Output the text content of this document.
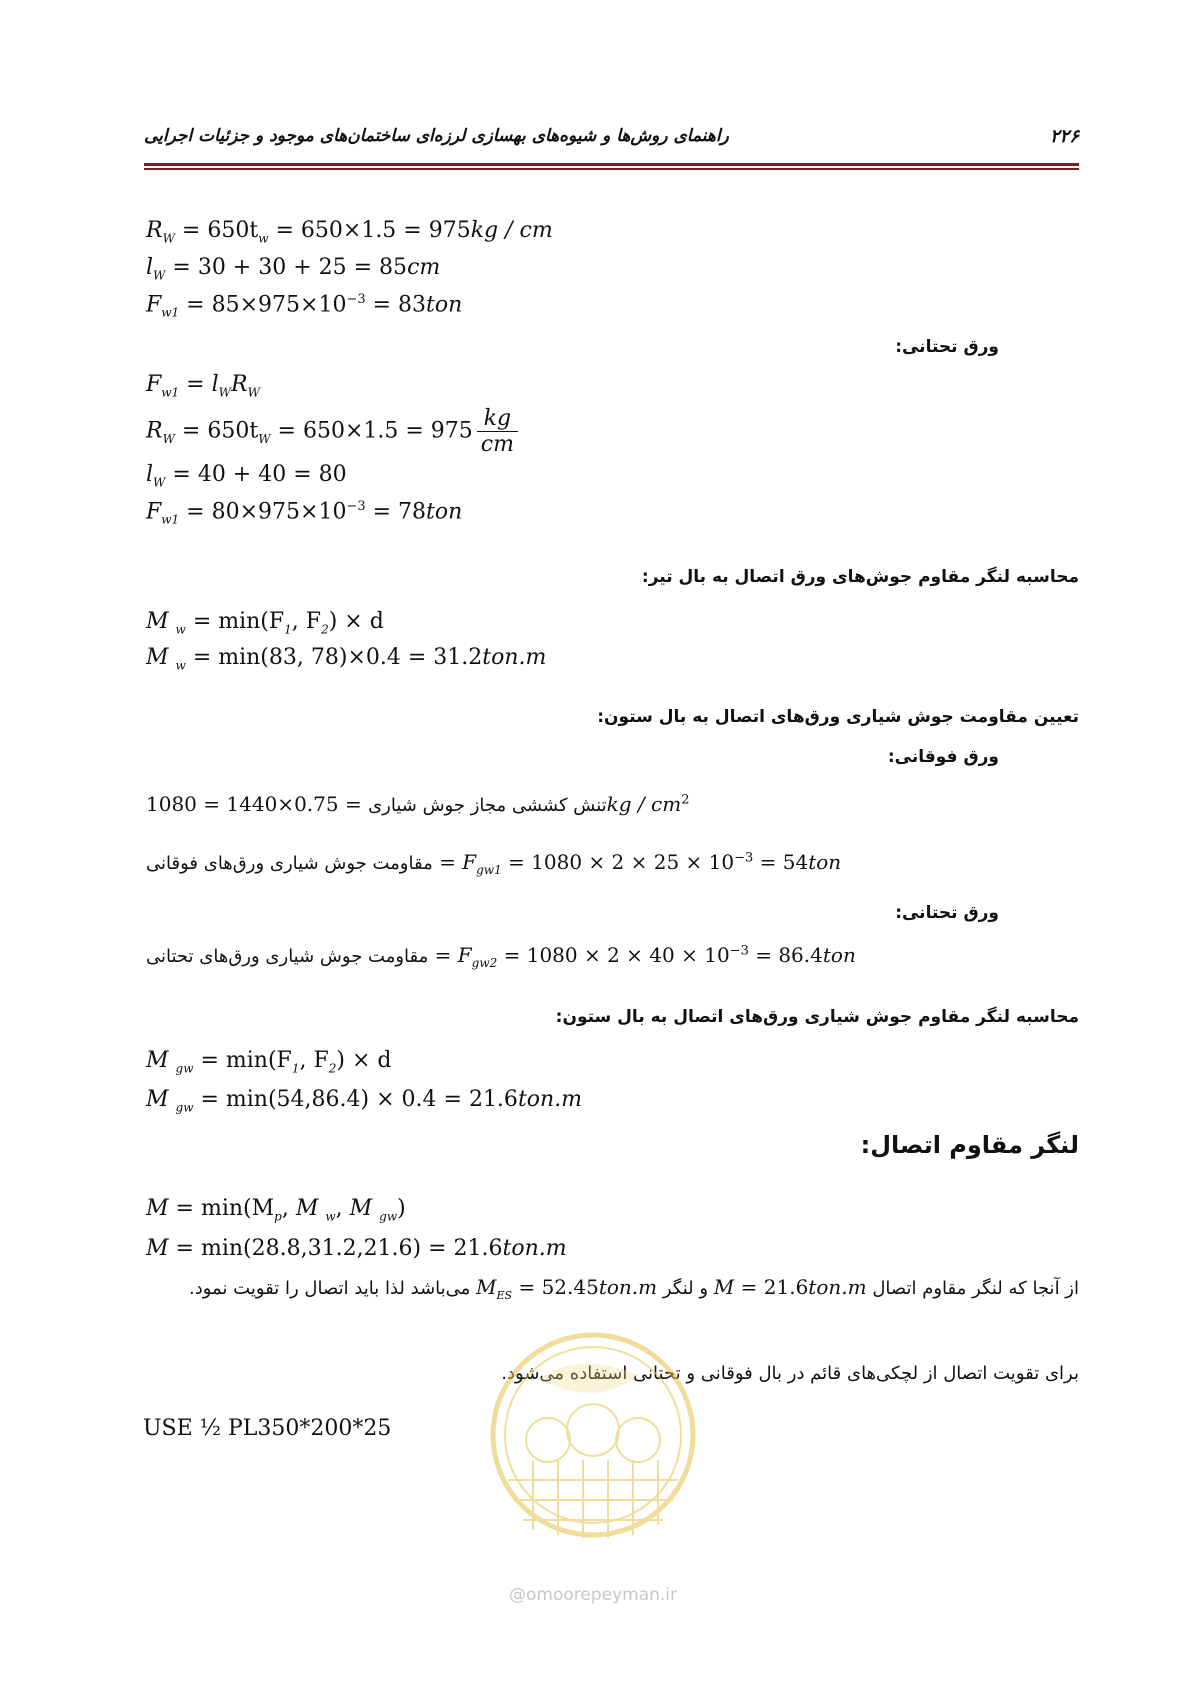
۲۲۶
راهنمای روش‌ها و شیوه‌های بهسازی لرزه‌ای ساختمان‌های موجود و جزئیات اجرایی
$R_W = 650t_w = 650\times 1.5 = 975kg$ / cm
$l_W = 30 + 30 + 25 = 85cm$
$F_{w1} = 85\times 975\times 10^{-3} = 83ton$
ورق تحتانی:
$F_{w1} = l_WR_W$
$R_W = 650t_W = 650\times 1.5 = 975 \frac{kg}{cm}$
$l_W = 40 + 40 = 80$
$F_{w1} = 80\times 975\times 10^{-3} = 78ton$
محاسبه لنگر مقاوم جوش‌های ورق اتصال به بال تیر:
M $_w = \min(F_1$, $F_2) \times d$
M $_w$ = min(83, 78)×0.4 = 31.2ton.m
تعیین مقاومت جوش شیاری ورق‌های اتصال به بال ستون:
ورق فوقانی:
تنش کششی مجاز جوش شیاری = 0.75×1440 = 1080	kg / $cm^2$
مقاومت جوش شیاری ورق‌های فوقانی = $F_{gw1} = 1080 \times 2 \times 25 \times 10^{-3} = 54ton$
ورق تحتانی:
مقاومت جوش شیاری ورق‌های تحتانی = $F_{gw2} = 1080 \times 2 \times 40 \times 10^{-3} = 86.4ton$
محاسبه لنگر مقاوم جوش شیاری ورق‌های اتصال به بال ستون:
M $_{gw} = \min(F_1$, $F_2) \times d$
M $_{gw}$ = min(54,86.4) × 0.4 = 21.6ton.m
لنگر مقاوم اتصال:
$M = \min(M_p$, M $_w$, M $_{gw}$)
M = min(28.8,31.2,21.6) = 21.6ton.m
از آنجا که لنگر مقاوم اتصال M = 21.6ton.m و لنگر $M_{ES} = 52.45ton.m$ می‌باشد لذا باید اتصال را تقویت نمود.
برای تقویت اتصال از لچکی‌های قائم در بال فوقانی و تحتانی استفاده می‌شود.
USE ½ PL350*200*25
@omoorepeyman.ir
